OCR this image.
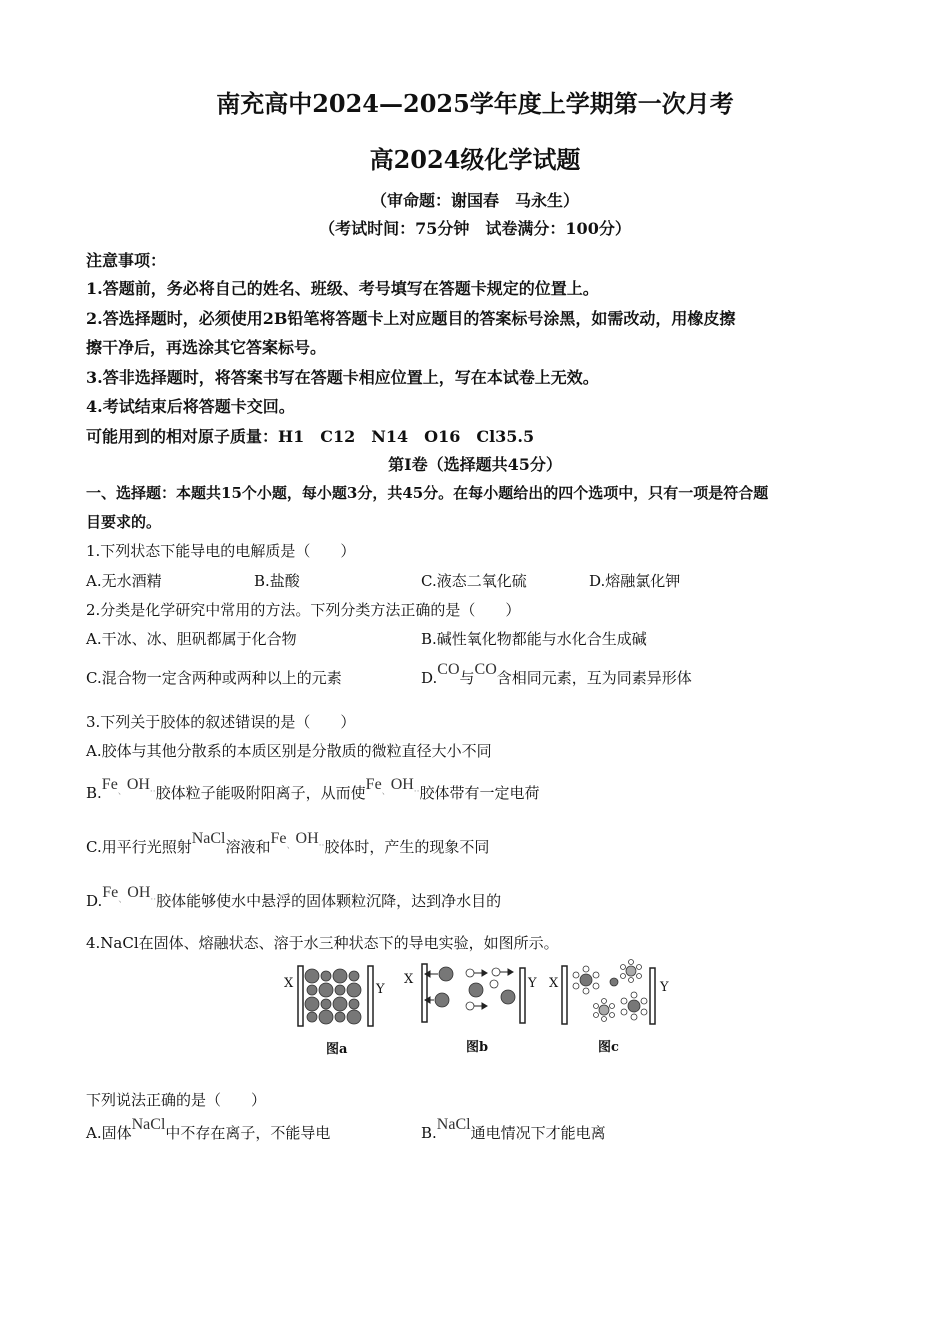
南充高中2024—2025学年度上学期第一次月考
高2024级化学试题
（审命题：谢国春　马永生）
（考试时间：75分钟　试卷满分：100分）
注意事项：
1.答题前，务必将自己的姓名、班级、考号填写在答题卡规定的位置上。
2.答选择题时，必须使用2B铅笔将答题卡上对应题目的答案标号涂黑，如需改动，用橡皮擦
擦干净后，再选涂其它答案标号。
3.答非选择题时，将答案书写在答题卡相应位置上，写在本试卷上无效。
4.考试结束后将答题卡交回。
可能用到的相对原子质量：H1　C12　N14　O16　Cl35.5
第Ⅰ卷（选择题共45分）
一、选择题：本题共15个小题，每小题3分，共45分。在每小题给出的四个选项中，只有一项是符合题
目要求的。
1.下列状态下能导电的电解质是（　　）
A.无水酒精	B.盐酸	C.液态二氧化硫	D.熔融氯化钾
2.分类是化学研究中常用的方法。下列分类方法正确的是（　　）
A.干冰、冰、胆矾都属于化合物	B.碱性氧化物都能与水化合生成碱
C.混合物一定含两种或两种以上的元素	D.CO与CO含相同元素，互为同素异形体
3.下列关于胶体的叙述错误的是（　　）
A.胶体与其他分散系的本质区别是分散质的微粒直径大小不同
B.Fe、OH··胶体粒子能吸附阳离子，从而使Fe、OH··胶体带有一定电荷
C.用平行光照射NaCl溶液和Fe、OH··胶体时，产生的现象不同
D.Fe、OH··胶体能够使水中悬浮的固体颗粒沉降，达到净水目的
4.NaCl在固体、熔融状态、溶于水三种状态下的导电实验，如图所示。
X	Y
图a
X	Y
图b
X	Y
图c
下列说法正确的是（　　）
A.固体NaCl中不存在离子，不能导电	B.NaCl通电情况下才能电离
